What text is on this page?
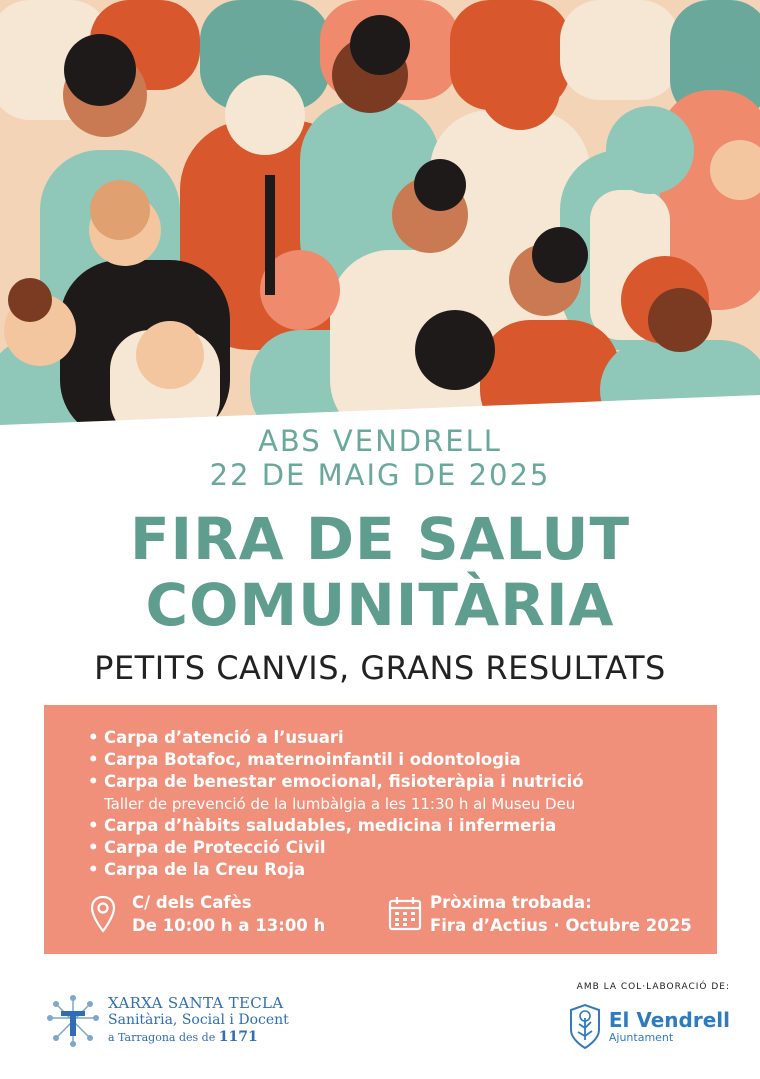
ABS VENDRELL
22 DE MAIG DE 2025
FIRA DE SALUT
COMUNITÀRIA
PETITS CANVIS, GRANS RESULTATS
• Carpa d’atenció a l’usuari
• Carpa Botafoc, maternoinfantil i odontologia
• Carpa de benestar emocional, fisioteràpia i nutrició
Taller de prevenció de la lumbàlgia a les 11:30 h al Museu Deu
• Carpa d’hàbits saludables, medicina i infermeria
• Carpa de Protecció Civil
• Carpa de la Creu Roja
C/ dels Cafès
De 10:00 h a 13:00 h
Pròxima trobada:
Fira d’Actius · Octubre 2025
XARXA SANTA TECLA
Sanitària, Social i Docent
a Tarragona des de 1171
AMB LA COL·LABORACIÓ DE:
El Vendrell
Ajuntament
